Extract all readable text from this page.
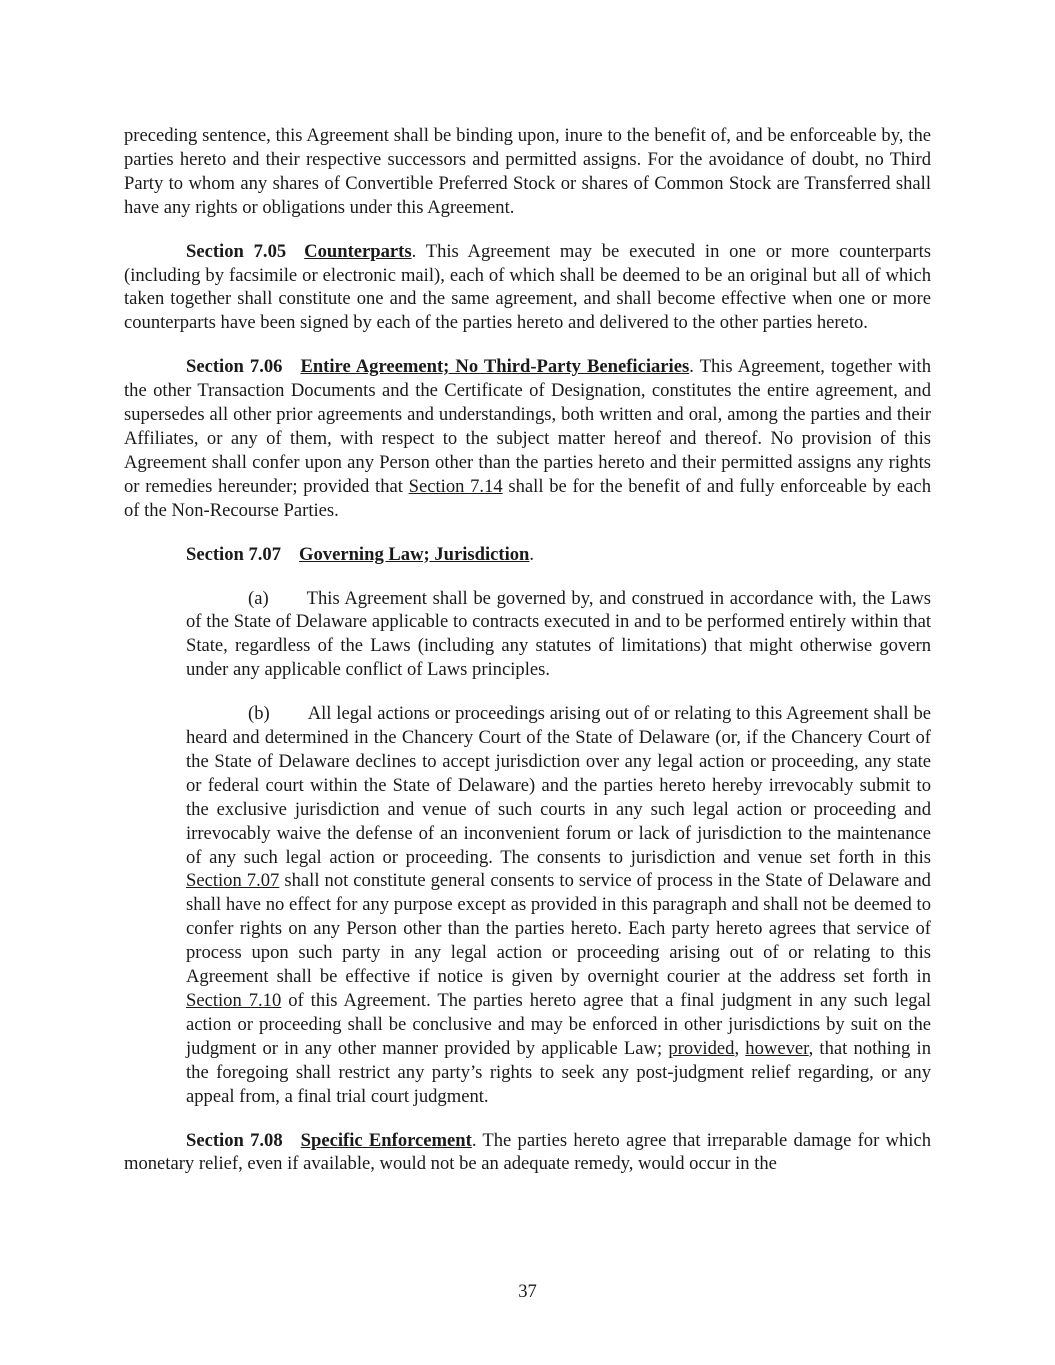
preceding sentence, this Agreement shall be binding upon, inure to the benefit of, and be enforceable by, the parties hereto and their respective successors and permitted assigns. For the avoidance of doubt, no Third Party to whom any shares of Convertible Preferred Stock or shares of Common Stock are Transferred shall have any rights or obligations under this Agreement.

Section 7.05 Counterparts. This Agreement may be executed in one or more counterparts (including by facsimile or electronic mail), each of which shall be deemed to be an original but all of which taken together shall constitute one and the same agreement, and shall become effective when one or more counterparts have been signed by each of the parties hereto and delivered to the other parties hereto.

Section 7.06 Entire Agreement; No Third-Party Beneficiaries. This Agreement, together with the other Transaction Documents and the Certificate of Designation, constitutes the entire agreement, and supersedes all other prior agreements and understandings, both written and oral, among the parties and their Affiliates, or any of them, with respect to the subject matter hereof and thereof. No provision of this Agreement shall confer upon any Person other than the parties hereto and their permitted assigns any rights or remedies hereunder; provided that Section 7.14 shall be for the benefit of and fully enforceable by each of the Non-Recourse Parties.

Section 7.07 Governing Law; Jurisdiction.

(a) This Agreement shall be governed by, and construed in accordance with, the Laws of the State of Delaware applicable to contracts executed in and to be performed entirely within that State, regardless of the Laws (including any statutes of limitations) that might otherwise govern under any applicable conflict of Laws principles.

(b) All legal actions or proceedings arising out of or relating to this Agreement shall be heard and determined in the Chancery Court of the State of Delaware (or, if the Chancery Court of the State of Delaware declines to accept jurisdiction over any legal action or proceeding, any state or federal court within the State of Delaware) and the parties hereto hereby irrevocably submit to the exclusive jurisdiction and venue of such courts in any such legal action or proceeding and irrevocably waive the defense of an inconvenient forum or lack of jurisdiction to the maintenance of any such legal action or proceeding. The consents to jurisdiction and venue set forth in this Section 7.07 shall not constitute general consents to service of process in the State of Delaware and shall have no effect for any purpose except as provided in this paragraph and shall not be deemed to confer rights on any Person other than the parties hereto. Each party hereto agrees that service of process upon such party in any legal action or proceeding arising out of or relating to this Agreement shall be effective if notice is given by overnight courier at the address set forth in Section 7.10 of this Agreement. The parties hereto agree that a final judgment in any such legal action or proceeding shall be conclusive and may be enforced in other jurisdictions by suit on the judgment or in any other manner provided by applicable Law; provided, however, that nothing in the foregoing shall restrict any party’s rights to seek any post-judgment relief regarding, or any appeal from, a final trial court judgment.

Section 7.08 Specific Enforcement. The parties hereto agree that irreparable damage for which monetary relief, even if available, would not be an adequate remedy, would occur in the

37
